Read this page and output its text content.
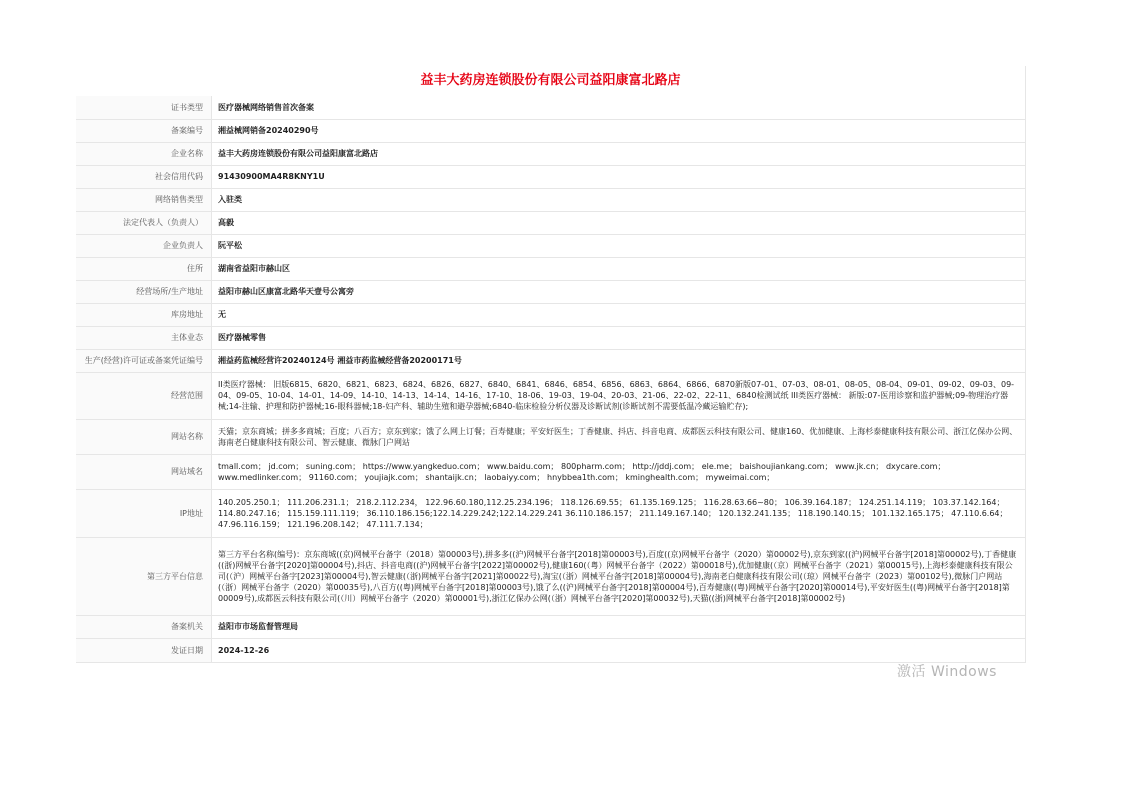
益丰大药房连锁股份有限公司益阳康富北路店
证书类型	医疗器械网络销售首次备案
备案编号	湘益械网销备20240290号
企业名称	益丰大药房连锁股份有限公司益阳康富北路店
社会信用代码	91430900MA4R8KNY1U
网络销售类型	入驻类
法定代表人（负责人）	高毅
企业负责人	阮平松
住所	湖南省益阳市赫山区
经营场所/生产地址	益阳市赫山区康富北路华天壹号公寓旁
库房地址	无
主体业态	医疗器械零售
生产(经营)许可证或备案凭证编号	湘益药监械经营许20240124号 湘益市药监械经营备20200171号
经营范围	II类医疗器械： 旧版6815、6820、6821、6823、6824、6826、6827、6840、6841、6846、6854、6856、6863、6864、6866、6870新版07-01、07-03、08-01、08-05、08-04、09-01、09-02、09-03、09-04、09-05、10-04、14-01、14-09、14-10、14-13、14-14、14-16、17-10、18-06、19-03、19-04、20-03、21-06、22-02、22-11、6840检测试纸 III类医疗器械： 新版:07-医用诊察和监护器械;09-物理治疗器械;14-注输、护理和防护器械;16-眼科器械;18-妇产科、辅助生殖和避孕器械;6840-临床检验分析仪器及诊断试剂(诊断试剂不需要低温冷藏运输贮存);
网站名称	天猫；京东商城；拼多多商城；百度；八百方；京东到家；饿了么网上订餐；百寿健康；平安好医生；丁香健康、抖店、抖音电商、成都医云科技有限公司、健康160、优加健康、上海杉泰健康科技有限公司、浙江亿保办公网、海南老白健康科技有限公司、智云健康、微脉门户网站
网站域名	tmall.com； jd.com； suning.com； https://www.yangkeduo.com； www.baidu.com； 800pharm.com； http://jddj.com； ele.me； baishoujiankang.com； www.jk.cn； dxycare.com； www.medlinker.com； 91160.com； youjiajk.com； shantaijk.cn； laobaiyy.com； hnybbea1th.com； kminghealth.com； myweimai.com；
IP地址	140.205.250.1； 111.206.231.1； 218.2.112.234， 122.96.60.180,112.25.234.196； 118.126.69.55； 61.135.169.125； 116.28.63.66~80； 106.39.164.187； 124.251.14.119； 103.37.142.164； 114.80.247.16； 115.159.111.119； 36.110.186.156;122.14.229.242;122.14.229.241 36.110.186.157； 211.149.167.140； 120.132.241.135； 118.190.140.15； 101.132.165.175； 47.110.6.64； 47.96.116.159； 121.196.208.142； 47.111.7.134；
第三方平台信息	第三方平台名称(编号)：京东商城((京)网械平台备字（2018）第00003号),拼多多((沪)网械平台备字[2018]第00003号),百度((京)网械平台备字（2020）第00002号),京东到家((沪)网械平台备字[2018]第00002号),丁香健康((浙)网械平台备字[2020]第00004号),抖店、抖音电商((沪)网械平台备字[2022]第00002号),健康160(（粤）网械平台备字（2022）第00018号),优加健康(（京）网械平台备字（2021）第00015号),上海杉泰健康科技有限公司(（沪）网械平台备字[2023]第00004号),智云健康(（浙)网械平台备字[2021]第00022号),淘宝(（浙）网械平台备字[2018]第00004号),海南老白健康科技有限公司(（琼）网械平台备字（2023）第00102号),微脉门户网站(（浙）网械平台备字（2020）第00035号),八百方((粤)网械平台备字[2018]第00003号),饿了么((沪)网械平台备字[2018]第00004号),百寿健康((粤)网械平台备字[2020]第00014号),平安好医生((粤)网械平台备字[2018]第00009号),成都医云科技有限公司(（川）网械平台备字（2020）第00001号),浙江亿保办公网(（浙）网械平台备字[2020]第00032号),天猫((浙)网械平台备字[2018]第00002号)
备案机关	益阳市市场监督管理局
发证日期	2024-12-26
激活 Windows
